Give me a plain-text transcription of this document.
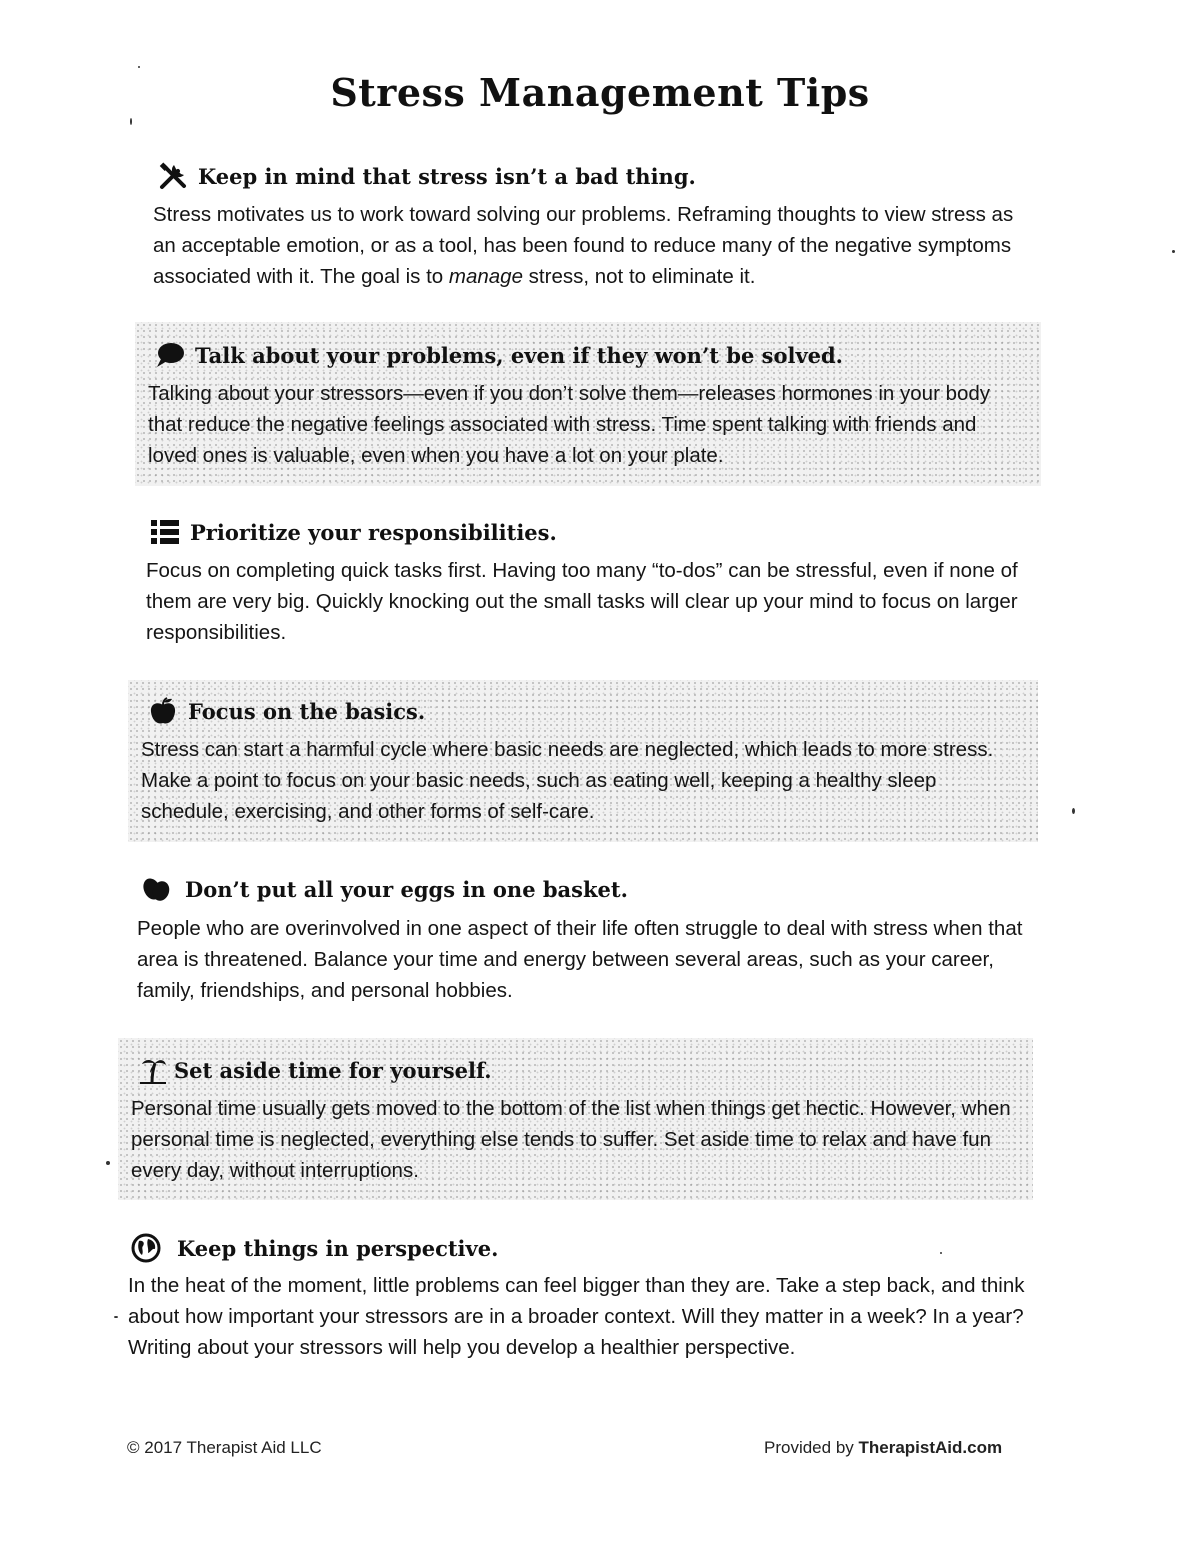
Stress Management Tips
Keep in mind that stress isn’t a bad thing.
Stress motivates us to work toward solving our problems. Reframing thoughts to view stress as an acceptable emotion, or as a tool, has been found to reduce many of the negative symptoms associated with it. The goal is to manage stress, not to eliminate it.
Talk about your problems, even if they won’t be solved.
Talking about your stressors—even if you don’t solve them—releases hormones in your body that reduce the negative feelings associated with stress. Time spent talking with friends and loved ones is valuable, even when you have a lot on your plate.
Prioritize your responsibilities.
Focus on completing quick tasks first. Having too many “to-dos” can be stressful, even if none of them are very big. Quickly knocking out the small tasks will clear up your mind to focus on larger responsibilities.
Focus on the basics.
Stress can start a harmful cycle where basic needs are neglected, which leads to more stress. Make a point to focus on your basic needs, such as eating well, keeping a healthy sleep schedule, exercising, and other forms of self-care.
Don’t put all your eggs in one basket.
People who are overinvolved in one aspect of their life often struggle to deal with stress when that area is threatened. Balance your time and energy between several areas, such as your career, family, friendships, and personal hobbies.
Set aside time for yourself.
Personal time usually gets moved to the bottom of the list when things get hectic. However, when personal time is neglected, everything else tends to suffer. Set aside time to relax and have fun every day, without interruptions.
Keep things in perspective.
In the heat of the moment, little problems can feel bigger than they are. Take a step back, and think about how important your stressors are in a broader context. Will they matter in a week? In a year? Writing about your stressors will help you develop a healthier perspective.
© 2017 Therapist Aid LLC	Provided by TherapistAid.com
